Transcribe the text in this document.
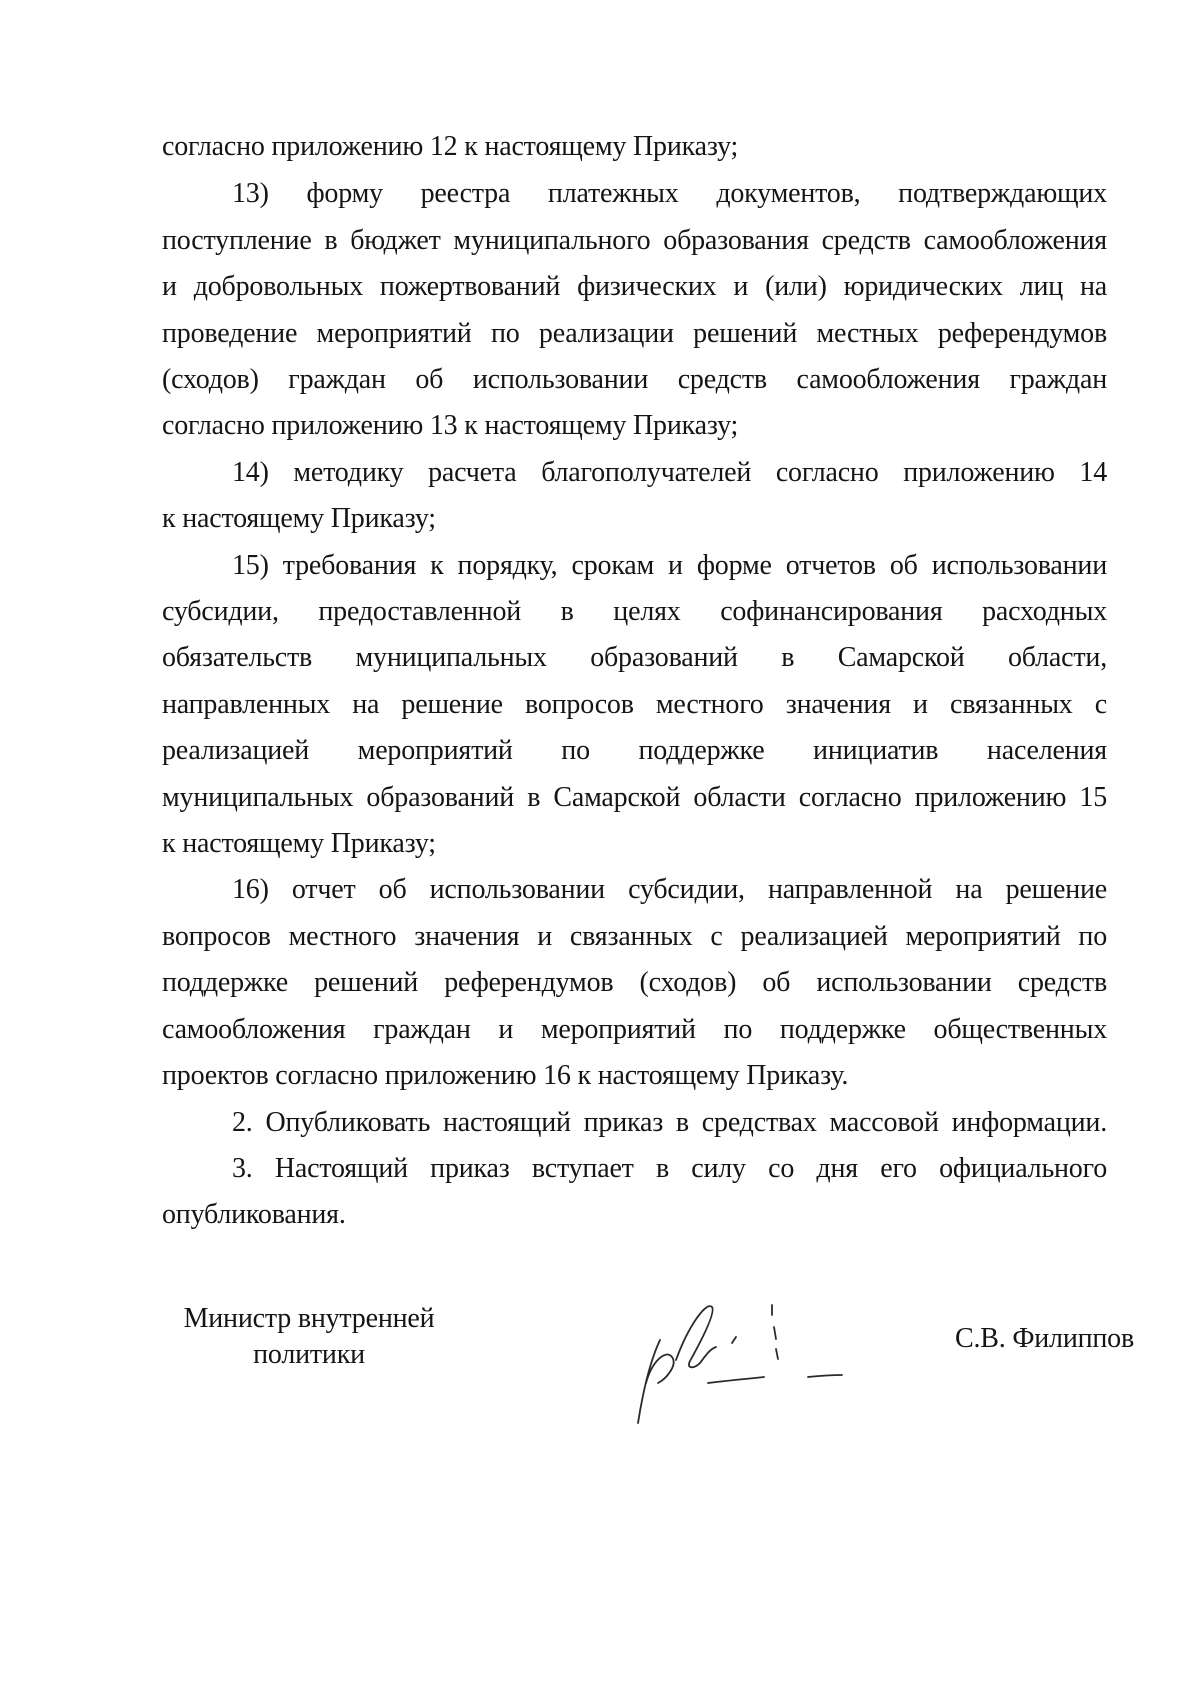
согласно приложению 12 к настоящему Приказу;
13) форму реестра платежных документов, подтверждающих
поступление в бюджет муниципального образования средств самообложения
и добровольных пожертвований физических и (или) юридических лиц на
проведение мероприятий по реализации решений местных референдумов
(сходов) граждан об использовании средств самообложения граждан
согласно приложению 13 к настоящему Приказу;
14) методику расчета благополучателей согласно приложению 14
к настоящему Приказу;
15) требования к порядку, срокам и форме отчетов об использовании
субсидии, предоставленной в целях софинансирования расходных
обязательств муниципальных образований в Самарской области,
направленных на решение вопросов местного значения и связанных с
реализацией мероприятий по поддержке инициатив населения
муниципальных образований в Самарской области согласно приложению 15
к настоящему Приказу;
16) отчет об использовании субсидии, направленной на решение
вопросов местного значения и связанных с реализацией мероприятий по
поддержке решений референдумов (сходов) об использовании средств
самообложения граждан и мероприятий по поддержке общественных
проектов согласно приложению 16 к настоящему Приказу.
2. Опубликовать настоящий приказ в средствах массовой информации.
3. Настоящий приказ вступает в силу со дня его официального
опубликования.
Министр внутренней
политики
С.В. Филиппов
